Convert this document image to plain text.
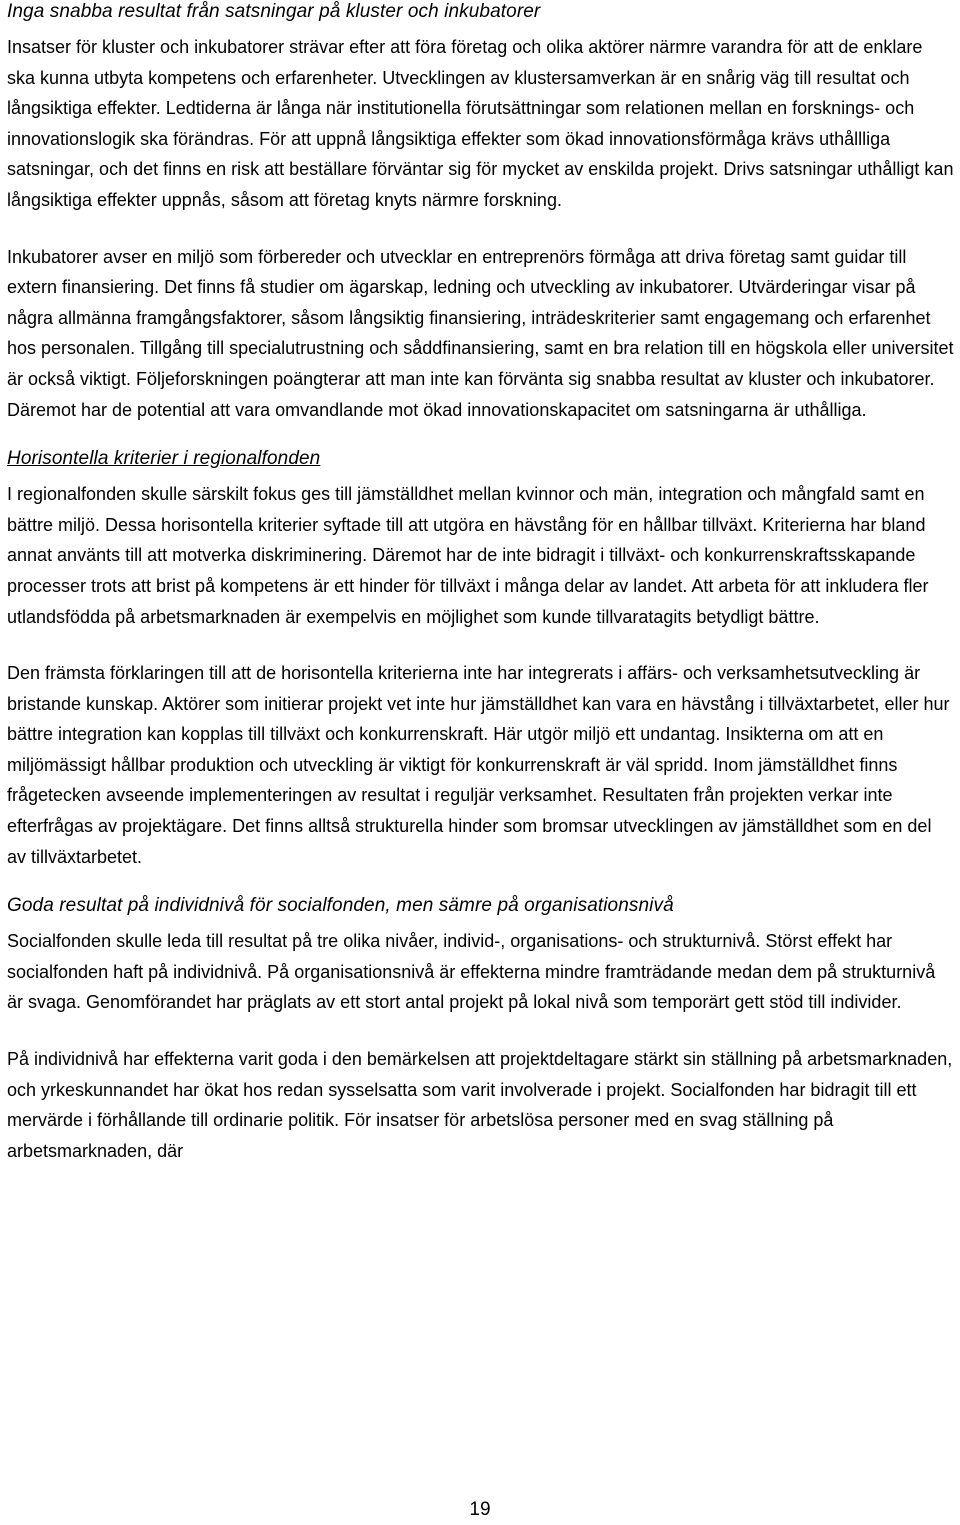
Inga snabba resultat från satsningar på kluster och inkubatorer

Insatser för kluster och inkubatorer strävar efter att föra företag och olika aktörer närmre varandra för att de enklare ska kunna utbyta kompetens och erfarenheter. Utvecklingen av klustersamverkan är en snårig väg till resultat och långsiktiga effekter. Ledtiderna är långa när institutionella förutsättningar som relationen mellan en forsknings- och innovationslogik ska förändras. För att uppnå långsiktiga effekter som ökad innovationsförmåga krävs uthållliga satsningar, och det finns en risk att beställare förväntar sig för mycket av enskilda projekt. Drivs satsningar uthålligt kan långsiktiga effekter uppnås, såsom att företag knyts närmre forskning.

Inkubatorer avser en miljö som förbereder och utvecklar en entreprenörs förmåga att driva företag samt guidar till extern finansiering. Det finns få studier om ägarskap, ledning och utveckling av inkubatorer. Utvärderingar visar på några allmänna framgångsfaktorer, såsom långsiktig finansiering, inträdeskriterier samt engagemang och erfarenhet hos personalen. Tillgång till specialutrustning och såddfinansiering, samt en bra relation till en högskola eller universitet är också viktigt. Följeforskningen poängterar att man inte kan förvänta sig snabba resultat av kluster och inkubatorer. Däremot har de potential att vara omvandlande mot ökad innovationskapacitet om satsningarna är uthålliga.

Horisontella kriterier i regionalfonden

I regionalfonden skulle särskilt fokus ges till jämställdhet mellan kvinnor och män, integration och mångfald samt en bättre miljö. Dessa horisontella kriterier syftade till att utgöra en hävstång för en hållbar tillväxt. Kriterierna har bland annat använts till att motverka diskriminering. Däremot har de inte bidragit i tillväxt- och konkurrenskraftsskapande processer trots att brist på kompetens är ett hinder för tillväxt i många delar av landet. Att arbeta för att inkludera fler utlandsfödda på arbetsmarknaden är exempelvis en möjlighet som kunde tillvaratagits betydligt bättre.

Den främsta förklaringen till att de horisontella kriterierna inte har integrerats i affärs- och verksamhetsutveckling är bristande kunskap. Aktörer som initierar projekt vet inte hur jämställdhet kan vara en hävstång i tillväxtarbetet, eller hur bättre integration kan kopplas till tillväxt och konkurrenskraft. Här utgör miljö ett undantag. Insikterna om att en miljömässigt hållbar produktion och utveckling är viktigt för konkurrenskraft är väl spridd. Inom jämställdhet finns frågetecken avseende implementeringen av resultat i reguljär verksamhet. Resultaten från projekten verkar inte efterfrågas av projektägare. Det finns alltså strukturella hinder som bromsar utvecklingen av jämställdhet som en del av tillväxtarbetet.

Goda resultat på individnivå för socialfonden, men sämre på organisationsnivå

Socialfonden skulle leda till resultat på tre olika nivåer, individ-, organisations- och strukturnivå. Störst effekt har socialfonden haft på individnivå. På organisationsnivå är effekterna mindre framträdande medan dem på strukturnivå är svaga. Genomförandet har präglats av ett stort antal projekt på lokal nivå som temporärt gett stöd till individer.

På individnivå har effekterna varit goda i den bemärkelsen att projektdeltagare stärkt sin ställning på arbetsmarknaden, och yrkeskunnandet har ökat hos redan sysselsatta som varit involverade i projekt. Socialfonden har bidragit till ett mervärde i förhållande till ordinarie politik. För insatser för arbetslösa personer med en svag ställning på arbetsmarknaden, där

19
